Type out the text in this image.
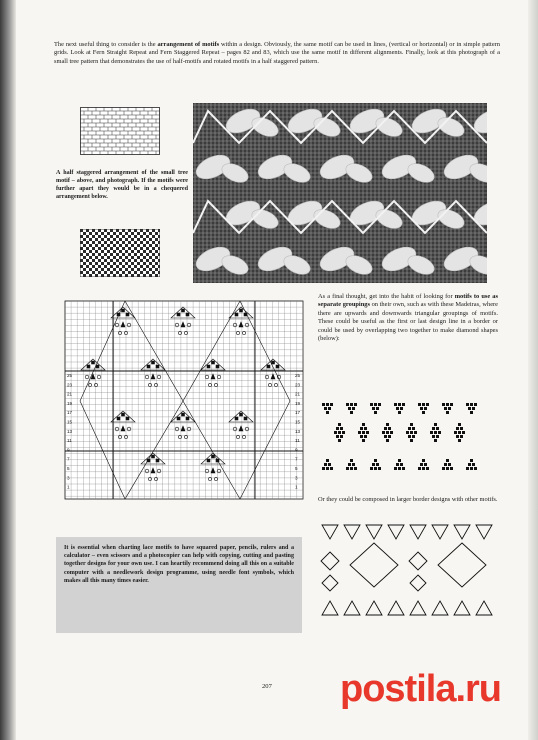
The next useful thing to consider is the arrangement of motifs within a design. Obviously, the same motif can be used in lines, (vertical or horizontal) or in simple pattern grids. Look at Fern Straight Repeat and Fern Staggered Repeat – pages 82 and 83, which use the same motif in different alignments. Finally, look at this photograph of a small tree pattern that demonstrates the use of half-motifs and rotated motifs in a half staggered pattern.

A half staggered arrangement of the small tree motif – above, and photograph. If the motifs were further apart they would be in a chequered arrangement below.

25	25
23	23
21	21
19	19
17	17
15	15
13	13
11	11
9	9
7	7
5	5
3	3
1	1

As a final thought, get into the habit of looking for motifs to use as separate groupings on their own, such as with these Madeiras, where there are upwards and downwards triangular groupings of motifs. These could be useful as the first or last design line in a border or could be used by overlapping two together to make diamond shapes (below):

Or they could be composed in larger border designs with other motifs.

It is essential when charting lace motifs to have squared paper, pencils, rulers and a calculator – even scissors and a photocopier can help with copying, cutting and pasting together designs for your own use. I can heartily recommend doing all this on a suitable computer with a needlework design programme, using needle font symbols, which makes all this many times easier.

207 postila.ru
